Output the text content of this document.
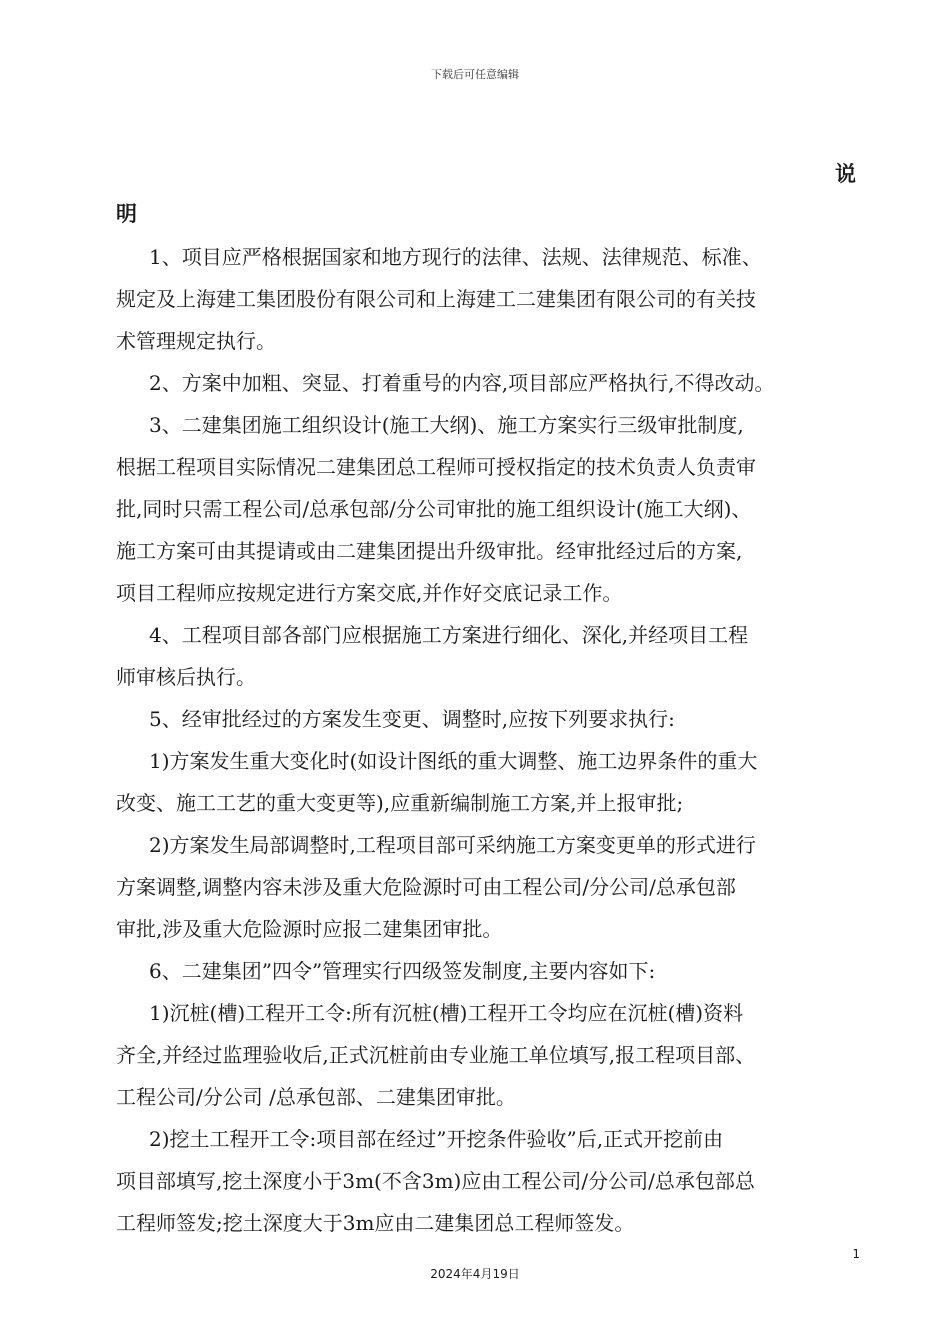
下载后可任意编辑
说
明
1、项目应严格根据国家和地方现行的法律、法规、法律规范、标准、
规定及上海建工集团股份有限公司和上海建工二建集团有限公司的有关技
术管理规定执行。
2、方案中加粗、突显、打着重号的内容,项目部应严格执行,不得改动。
3、二建集团施工组织设计(施工大纲)、施工方案实行三级审批制度,
根据工程项目实际情况二建集团总工程师可授权指定的技术负责人负责审
批,同时只需工程公司/总承包部/分公司审批的施工组织设计(施工大纲)、
施工方案可由其提请或由二建集团提出升级审批。经审批经过后的方案,
项目工程师应按规定进行方案交底,并作好交底记录工作。
4、工程项目部各部门应根据施工方案进行细化、深化,并经项目工程
师审核后执行。
5、经审批经过的方案发生变更、调整时,应按下列要求执行:
1)方案发生重大变化时(如设计图纸的重大调整、施工边界条件的重大
改变、施工工艺的重大变更等),应重新编制施工方案,并上报审批;
2)方案发生局部调整时,工程项目部可采纳施工方案变更单的形式进行
方案调整,调整内容未涉及重大危险源时可由工程公司/分公司/总承包部
审批,涉及重大危险源时应报二建集团审批。
6、二建集团”四令”管理实行四级签发制度,主要内容如下:
1)沉桩(槽)工程开工令:所有沉桩(槽)工程开工令均应在沉桩(槽)资料
齐全,并经过监理验收后,正式沉桩前由专业施工单位填写,报工程项目部、
工程公司/分公司 /总承包部、二建集团审批。
2)挖土工程开工令:项目部在经过”开挖条件验收”后,正式开挖前由
项目部填写,挖土深度小于3m(不含3m)应由工程公司/分公司/总承包部总
工程师签发;挖土深度大于3m应由二建集团总工程师签发。
1
2024年4月19日
